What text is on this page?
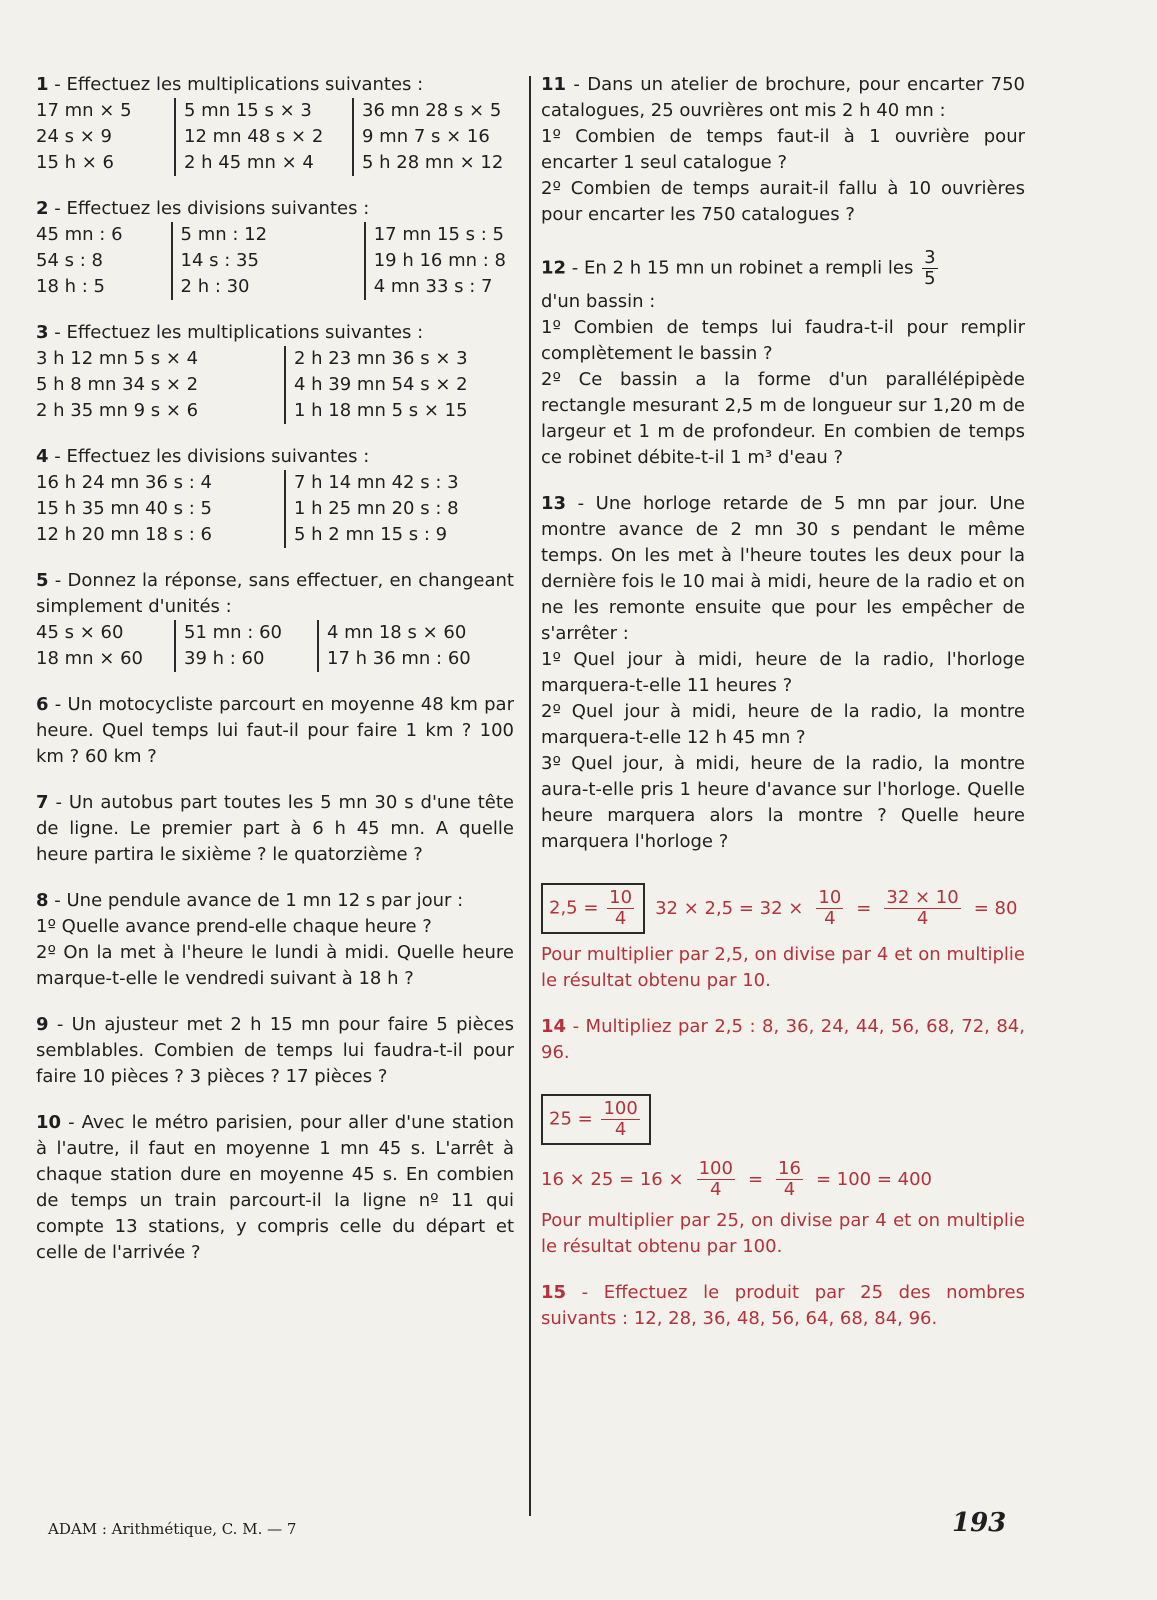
1 - Effectuez les multiplications suivantes :

17 mn ⨯ 5
24 s ⨯ 9
15 h ⨯ 6
5 mn 15 s ⨯ 3
12 mn 48 s ⨯ 2
2 h 45 mn ⨯ 4
36 mn 28 s ⨯ 5
9 mn 7 s ⨯ 16
5 h 28 mn ⨯ 12

2 - Effectuez les divisions suivantes :

45 mn : 6
54 s : 8
18 h : 5
5 mn : 12
14 s : 35
2 h : 30
17 mn 15 s : 5
19 h 16 mn : 8
4 mn 33 s : 7

3 - Effectuez les multiplications suivantes :

3 h 12 mn 5 s ⨯ 4
5 h 8 mn 34 s ⨯ 2
2 h 35 mn 9 s ⨯ 6
2 h 23 mn 36 s ⨯ 3
4 h 39 mn 54 s ⨯ 2
1 h 18 mn 5 s ⨯ 15

4 - Effectuez les divisions suivantes :

16 h 24 mn 36 s : 4
15 h 35 mn 40 s : 5
12 h 20 mn 18 s : 6
7 h 14 mn 42 s : 3
1 h 25 mn 20 s : 8
5 h 2 mn 15 s : 9

5 - Donnez la réponse, sans effectuer, en changeant simplement d'unités :

45 s ⨯ 60
18 mn ⨯ 60
51 mn : 60
39 h : 60
4 mn 18 s ⨯ 60
17 h 36 mn : 60

6 - Un motocycliste parcourt en moyenne 48 km par heure. Quel temps lui faut-il pour faire 1 km ? 100 km ? 60 km ?

7 - Un autobus part toutes les 5 mn 30 s d'une tête de ligne. Le premier part à 6 h 45 mn. A quelle heure partira le sixième ? le quatorzième ?

8 - Une pendule avance de 1 mn 12 s par jour :

1º Quelle avance prend-elle chaque heure ?

2º On la met à l'heure le lundi à midi. Quelle heure marque-t-elle le vendredi suivant à 18 h ?

9 - Un ajusteur met 2 h 15 mn pour faire 5 pièces semblables. Combien de temps lui faudra-t-il pour faire 10 pièces ? 3 pièces ? 17 pièces ?

10 - Avec le métro parisien, pour aller d'une station à l'autre, il faut en moyenne 1 mn 45 s. L'arrêt à chaque station dure en moyenne 45 s. En combien de temps un train parcourt-il la ligne nº 11 qui compte 13 stations, y compris celle du départ et celle de l'arrivée ?

11 - Dans un atelier de brochure, pour encarter 750 catalogues, 25 ouvrières ont mis 2 h 40 mn :

1º Combien de temps faut-il à 1 ouvrière pour encarter 1 seul catalogue ?

2º Combien de temps aurait-il fallu à 10 ouvrières pour encarter les 750 catalogues ?

12 - En 2 h 15 mn un robinet a rempli les $\frac{3}{5}$

d'un bassin :

1º Combien de temps lui faudra-t-il pour remplir complètement le bassin ?

2º Ce bassin a la forme d'un parallélépipède rectangle mesurant 2,5 m de longueur sur 1,20 m de largeur et 1 m de profondeur. En combien de temps ce robinet débite-t-il 1 m³ d'eau ?

13 - Une horloge retarde de 5 mn par jour. Une montre avance de 2 mn 30 s pendant le même temps. On les met à l'heure toutes les deux pour la dernière fois le 10 mai à midi, heure de la radio et on ne les remonte ensuite que pour les empêcher de s'arrêter :

1º Quel jour à midi, heure de la radio, l'horloge marquera-t-elle 11 heures ?

2º Quel jour à midi, heure de la radio, la montre marquera-t-elle 12 h 45 mn ?

3º Quel jour, à midi, heure de la radio, la montre aura-t-elle pris 1 heure d'avance sur l'horloge. Quelle heure marquera alors la montre ? Quelle heure marquera l'horloge ?

$2,5 = \frac{10}{4} 32$ ⨯ 2,5 = 32 ⨯ $\frac{10}{4} = \frac{32 ⨯ 10}{4} = 80$

Pour multiplier par 2,5, on divise par 4 et on multiplie le résultat obtenu par 10.

14 - Multipliez par 2,5 : 8, 36, 24, 44, 56, 68, 72, 84, 96.

$25 = \frac{100}{4}$
16 ⨯ 25 = 16 ⨯ $\frac{100}{4} = \frac{16}{4} = 100 = 400$

Pour multiplier par 25, on divise par 4 et on multiplie le résultat obtenu par 100.

15 - Effectuez le produit par 25 des nombres suivants : 12, 28, 36, 48, 56, 64, 68, 84, 96.

ADAM : Arithmétique, C. M. — 7	193
